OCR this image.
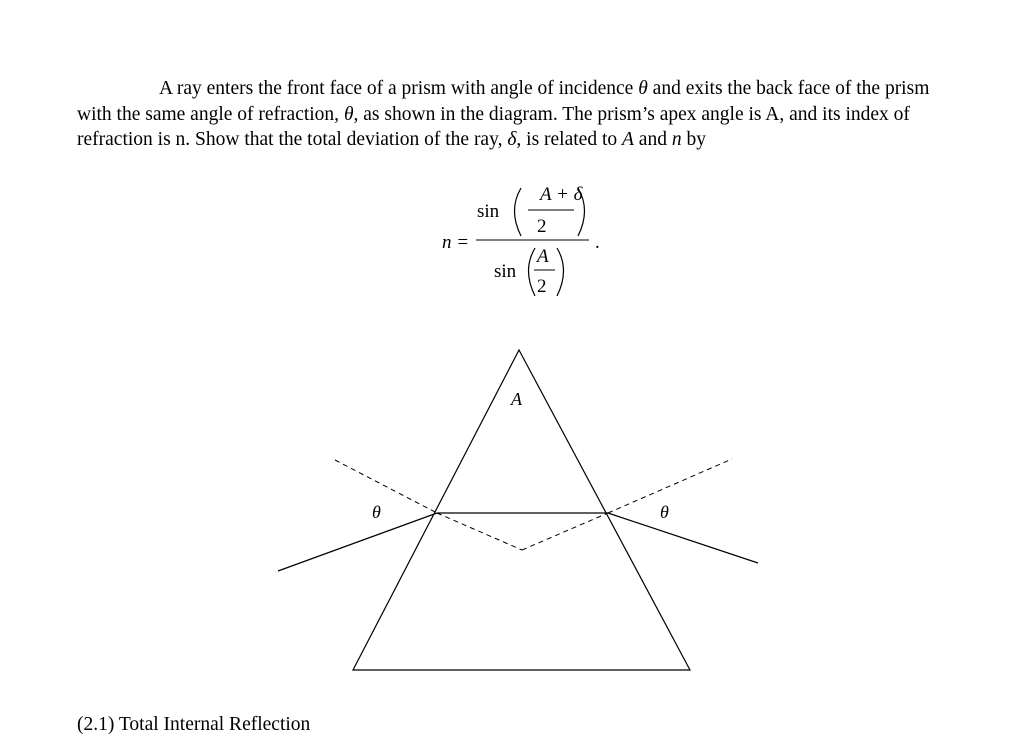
A ray enters the front face of a prism with angle of incidence θ and exits the back face of the prism with the same angle of refraction, θ, as shown in the diagram. The prism’s apex angle is A, and its index of refraction is n. Show that the total deviation of the ray, δ, is related to A and n by

n =	.
sin
A + δ
2
sin
A
2
A
θ	θ

(2.1) Total Internal Reflection
